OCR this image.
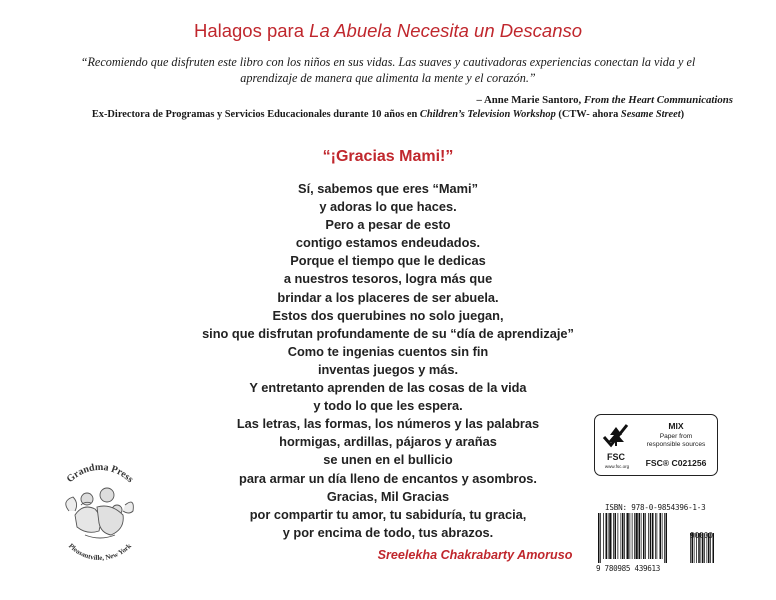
Halagos para La Abuela Necesita un Descanso
“Recomiendo que disfruten este libro con los niños en sus vidas. Las suaves y cautivadoras experiencias conectan la vida y el aprendizaje de manera que alimenta la mente y el corazón.”
– Anne Marie Santoro, From the Heart Communications
Ex-Directora de Programas y Servicios Educacionales durante 10 años en Children’s Television Workshop (CTW- ahora Sesame Street)
“¡Gracias Mami!”
Sí, sabemos que eres “Mami”
y adoras lo que haces.
Pero a pesar de esto
contigo estamos endeudados.
Porque el tiempo que le dedicas
a nuestros tesoros, logra más que
brindar a los placeres de ser abuela.
Estos dos querubines no solo juegan,
sino que disfrutan profundamente de su “día de aprendizaje”
Como te ingenias cuentos sin fin
inventas juegos y más.
Y entretanto aprenden de las cosas de la vida
y todo lo que les espera.
Las letras, las formas, los números y las palabras
hormigas, ardillas, pájaros y arañas
se unen en el bullicio
para armar un día lleno de encantos y asombros.
Gracias, Mil Gracias
por compartir tu amor, tu sabiduría, tu gracia,
y por encima de todo, tus abrazos.
Sreelekha Chakrabarty Amoruso
Grandma Press
Pleasantville, New York
FSC
www.fsc.org
MIX
Paper from
responsible sources
FSC® C021256
ISBN: 978-0-9854396-1-3
9 780985 439613
90000
